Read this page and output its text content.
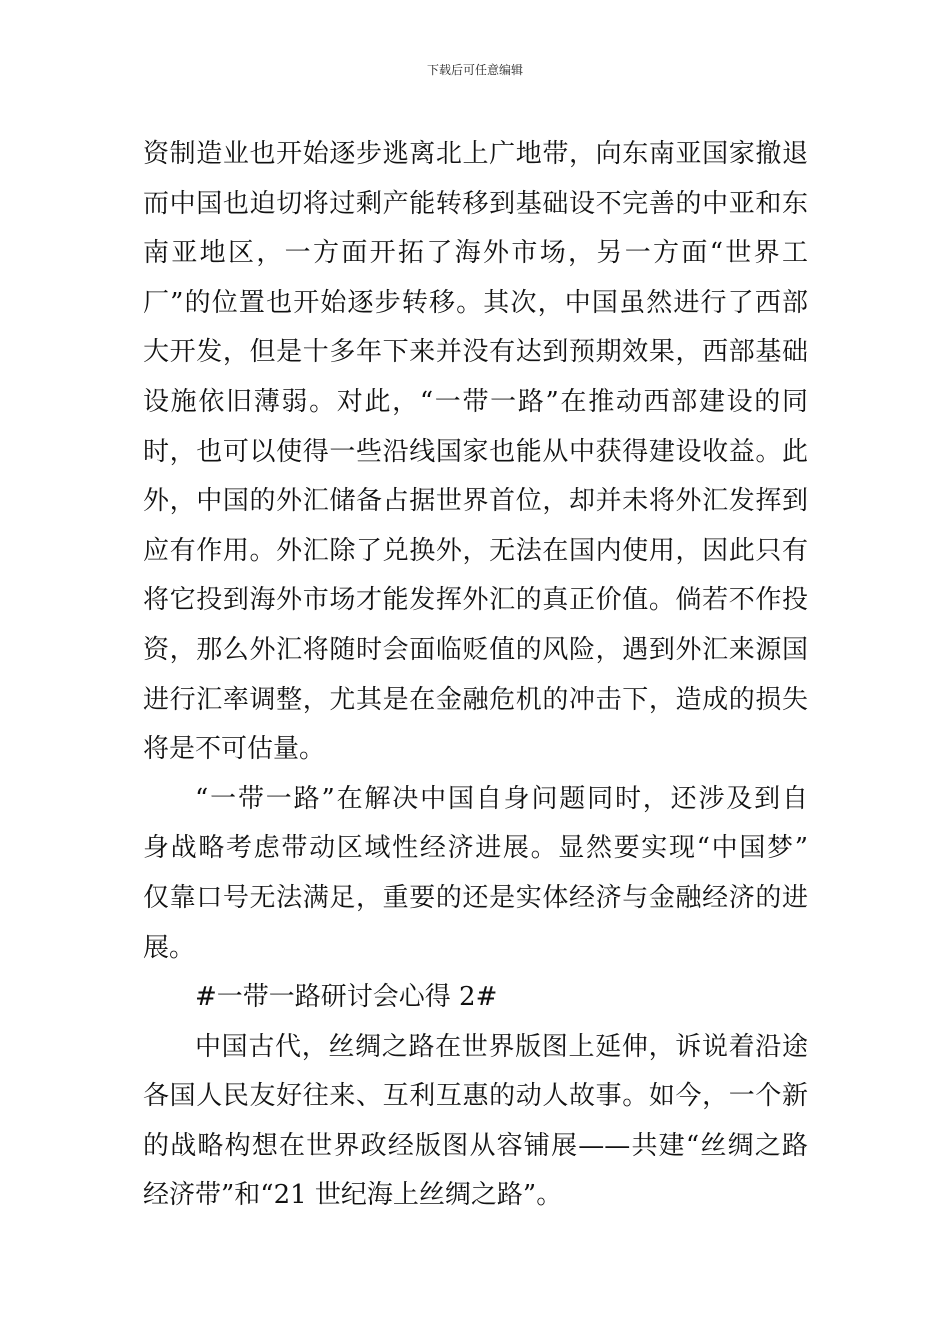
下载后可任意编辑
资制造业也开始逐步逃离北上广地带，向东南亚国家撤退
而中国也迫切将过剩产能转移到基础设不完善的中亚和东
南亚地区，一方面开拓了海外市场，另一方面“世界工
厂”的位置也开始逐步转移。其次，中国虽然进行了西部
大开发，但是十多年下来并没有达到预期效果，西部基础
设施依旧薄弱。对此，“一带一路”在推动西部建设的同
时，也可以使得一些沿线国家也能从中获得建设收益。此
外，中国的外汇储备占据世界首位，却并未将外汇发挥到
应有作用。外汇除了兑换外，无法在国内使用，因此只有
将它投到海外市场才能发挥外汇的真正价值。倘若不作投
资，那么外汇将随时会面临贬值的风险，遇到外汇来源国
进行汇率调整，尤其是在金融危机的冲击下，造成的损失
将是不可估量。
“一带一路”在解决中国自身问题同时，还涉及到自
身战略考虑带动区域性经济进展。显然要实现“中国梦”
仅靠口号无法满足，重要的还是实体经济与金融经济的进
展。
#一带一路研讨会心得 2#
中国古代，丝绸之路在世界版图上延伸，诉说着沿途
各国人民友好往来、互利互惠的动人故事。如今，一个新
的战略构想在世界政经版图从容铺展——共建“丝绸之路
经济带”和“21 世纪海上丝绸之路”。
